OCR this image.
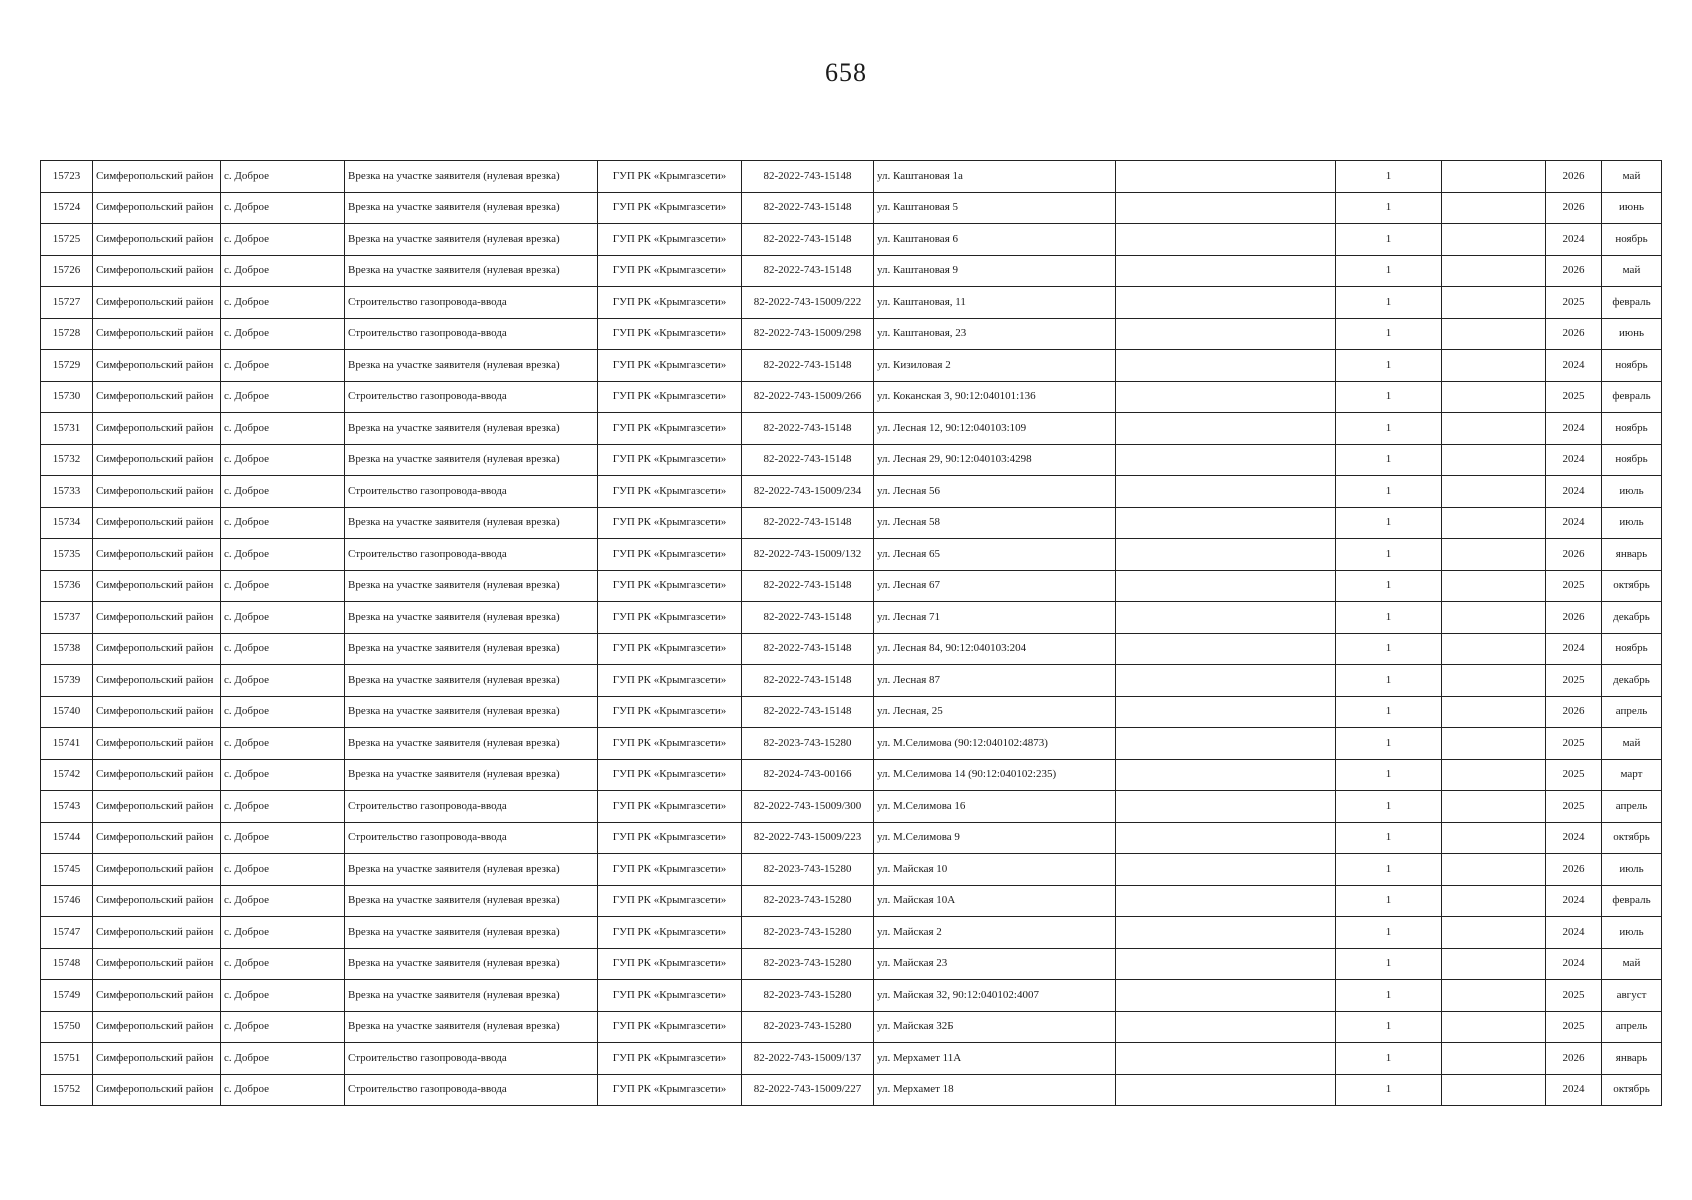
658
15723	Симферопольский район	с. Доброе	Врезка на участке заявителя (нулевая врезка)	ГУП РК «Крымгазсети»	82-2022-743-15148	ул. Каштановая 1а		1		2026	май
15724	Симферопольский район	с. Доброе	Врезка на участке заявителя (нулевая врезка)	ГУП РК «Крымгазсети»	82-2022-743-15148	ул. Каштановая 5		1		2026	июнь
15725	Симферопольский район	с. Доброе	Врезка на участке заявителя (нулевая врезка)	ГУП РК «Крымгазсети»	82-2022-743-15148	ул. Каштановая 6		1		2024	ноябрь
15726	Симферопольский район	с. Доброе	Врезка на участке заявителя (нулевая врезка)	ГУП РК «Крымгазсети»	82-2022-743-15148	ул. Каштановая 9		1		2026	май
15727	Симферопольский район	с. Доброе	Строительство газопровода-ввода	ГУП РК «Крымгазсети»	82-2022-743-15009/222	ул. Каштановая, 11		1		2025	февраль
15728	Симферопольский район	с. Доброе	Строительство газопровода-ввода	ГУП РК «Крымгазсети»	82-2022-743-15009/298	ул. Каштановая, 23		1		2026	июнь
15729	Симферопольский район	с. Доброе	Врезка на участке заявителя (нулевая врезка)	ГУП РК «Крымгазсети»	82-2022-743-15148	ул. Кизиловая 2		1		2024	ноябрь
15730	Симферопольский район	с. Доброе	Строительство газопровода-ввода	ГУП РК «Крымгазсети»	82-2022-743-15009/266	ул. Коканская 3, 90:12:040101:136		1		2025	февраль
15731	Симферопольский район	с. Доброе	Врезка на участке заявителя (нулевая врезка)	ГУП РК «Крымгазсети»	82-2022-743-15148	ул. Лесная 12, 90:12:040103:109		1		2024	ноябрь
15732	Симферопольский район	с. Доброе	Врезка на участке заявителя (нулевая врезка)	ГУП РК «Крымгазсети»	82-2022-743-15148	ул. Лесная 29, 90:12:040103:4298		1		2024	ноябрь
15733	Симферопольский район	с. Доброе	Строительство газопровода-ввода	ГУП РК «Крымгазсети»	82-2022-743-15009/234	ул. Лесная 56		1		2024	июль
15734	Симферопольский район	с. Доброе	Врезка на участке заявителя (нулевая врезка)	ГУП РК «Крымгазсети»	82-2022-743-15148	ул. Лесная 58		1		2024	июль
15735	Симферопольский район	с. Доброе	Строительство газопровода-ввода	ГУП РК «Крымгазсети»	82-2022-743-15009/132	ул. Лесная 65		1		2026	январь
15736	Симферопольский район	с. Доброе	Врезка на участке заявителя (нулевая врезка)	ГУП РК «Крымгазсети»	82-2022-743-15148	ул. Лесная 67		1		2025	октябрь
15737	Симферопольский район	с. Доброе	Врезка на участке заявителя (нулевая врезка)	ГУП РК «Крымгазсети»	82-2022-743-15148	ул. Лесная 71		1		2026	декабрь
15738	Симферопольский район	с. Доброе	Врезка на участке заявителя (нулевая врезка)	ГУП РК «Крымгазсети»	82-2022-743-15148	ул. Лесная 84, 90:12:040103:204		1		2024	ноябрь
15739	Симферопольский район	с. Доброе	Врезка на участке заявителя (нулевая врезка)	ГУП РК «Крымгазсети»	82-2022-743-15148	ул. Лесная 87		1		2025	декабрь
15740	Симферопольский район	с. Доброе	Врезка на участке заявителя (нулевая врезка)	ГУП РК «Крымгазсети»	82-2022-743-15148	ул. Лесная, 25		1		2026	апрель
15741	Симферопольский район	с. Доброе	Врезка на участке заявителя (нулевая врезка)	ГУП РК «Крымгазсети»	82-2023-743-15280	ул. М.Селимова (90:12:040102:4873)		1		2025	май
15742	Симферопольский район	с. Доброе	Врезка на участке заявителя (нулевая врезка)	ГУП РК «Крымгазсети»	82-2024-743-00166	ул. М.Селимова 14 (90:12:040102:235)		1		2025	март
15743	Симферопольский район	с. Доброе	Строительство газопровода-ввода	ГУП РК «Крымгазсети»	82-2022-743-15009/300	ул. М.Селимова 16		1		2025	апрель
15744	Симферопольский район	с. Доброе	Строительство газопровода-ввода	ГУП РК «Крымгазсети»	82-2022-743-15009/223	ул. М.Селимова 9		1		2024	октябрь
15745	Симферопольский район	с. Доброе	Врезка на участке заявителя (нулевая врезка)	ГУП РК «Крымгазсети»	82-2023-743-15280	ул. Майская 10		1		2026	июль
15746	Симферопольский район	с. Доброе	Врезка на участке заявителя (нулевая врезка)	ГУП РК «Крымгазсети»	82-2023-743-15280	ул. Майская 10А		1		2024	февраль
15747	Симферопольский район	с. Доброе	Врезка на участке заявителя (нулевая врезка)	ГУП РК «Крымгазсети»	82-2023-743-15280	ул. Майская 2		1		2024	июль
15748	Симферопольский район	с. Доброе	Врезка на участке заявителя (нулевая врезка)	ГУП РК «Крымгазсети»	82-2023-743-15280	ул. Майская 23		1		2024	май
15749	Симферопольский район	с. Доброе	Врезка на участке заявителя (нулевая врезка)	ГУП РК «Крымгазсети»	82-2023-743-15280	ул. Майская 32, 90:12:040102:4007		1		2025	август
15750	Симферопольский район	с. Доброе	Врезка на участке заявителя (нулевая врезка)	ГУП РК «Крымгазсети»	82-2023-743-15280	ул. Майская 32Б		1		2025	апрель
15751	Симферопольский район	с. Доброе	Строительство газопровода-ввода	ГУП РК «Крымгазсети»	82-2022-743-15009/137	ул. Мерхамет 11А		1		2026	январь
15752	Симферопольский район	с. Доброе	Строительство газопровода-ввода	ГУП РК «Крымгазсети»	82-2022-743-15009/227	ул. Мерхамет 18		1		2024	октябрь
